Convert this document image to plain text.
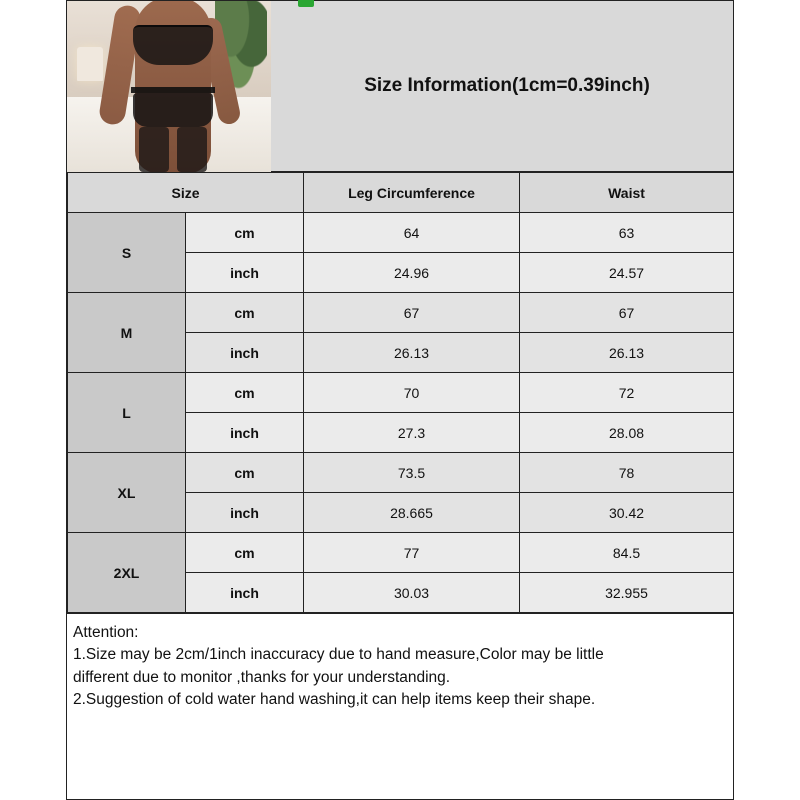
Size Information(1cm=0.39inch)
Size		Leg Circumference	Waist
S	cm	64	63
	inch	24.96	24.57
M	cm	67	67
	inch	26.13	26.13
L	cm	70	72
	inch	27.3	28.08
XL	cm	73.5	78
	inch	28.665	30.42
2XL	cm	77	84.5
	inch	30.03	32.955
Attention:
1.Size may be 2cm/1inch inaccuracy due to hand measure,Color may be little
different due to monitor ,thanks for your understanding.
2.Suggestion of cold water hand washing,it can help items keep their shape.
